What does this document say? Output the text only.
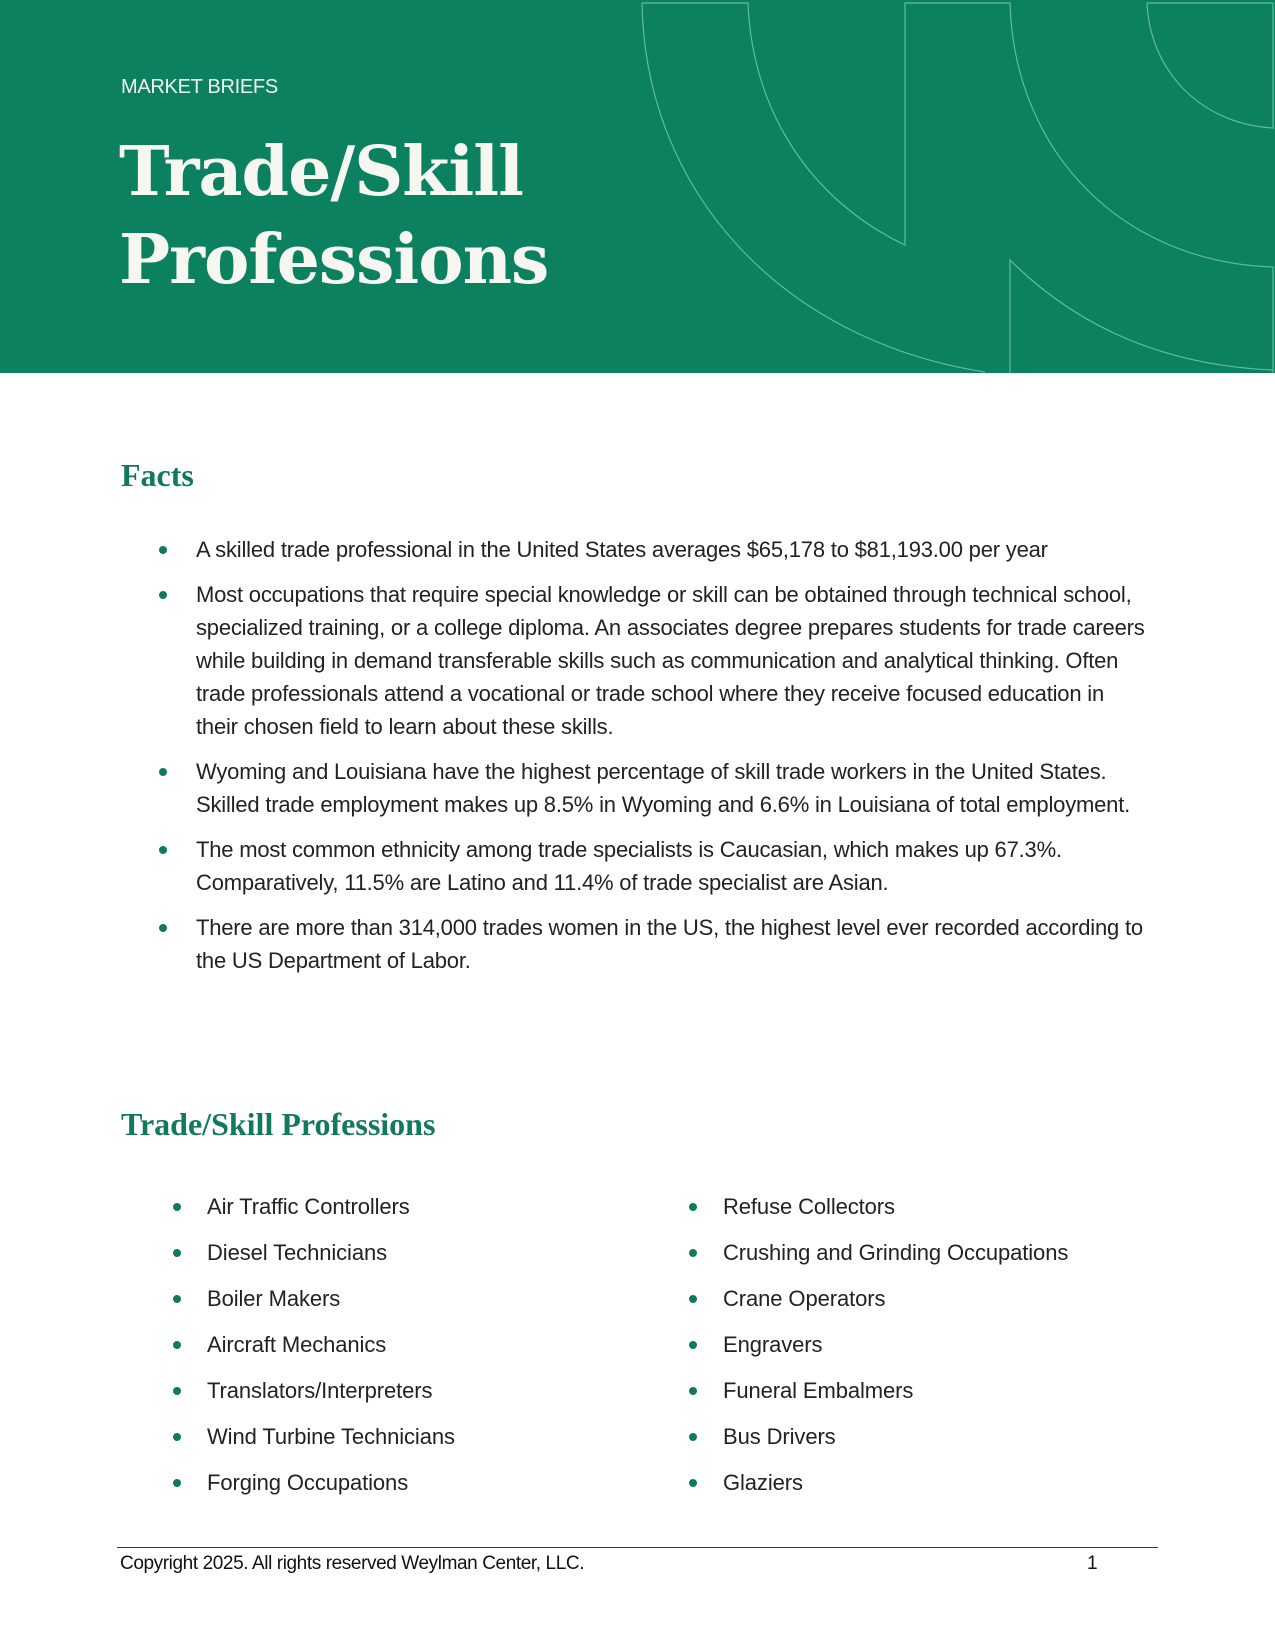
MARKET BRIEFS
Trade/Skill
Professions
Facts
A skilled trade professional in the United States averages $65,178 to $81,193.00 per year
Most occupations that require special knowledge or skill can be obtained through technical school, specialized training, or a college diploma. An associates degree prepares students for trade careers while building in demand transferable skills such as communication and analytical thinking. Often trade professionals attend a vocational or trade school where they receive focused education in their chosen field to learn about these skills.
Wyoming and Louisiana have the highest percentage of skill trade workers in the United States. Skilled trade employment makes up 8.5% in Wyoming and 6.6% in Louisiana of total employment.
The most common ethnicity among trade specialists is Caucasian, which makes up 67.3%. Comparatively, 11.5% are Latino and 11.4% of trade specialist are Asian.
There are more than 314,000 trades women in the US, the highest level ever recorded according to the US Department of Labor.
Trade/Skill Professions
Air Traffic Controllers
Diesel Technicians
Boiler Makers
Aircraft Mechanics
Translators/Interpreters
Wind Turbine Technicians
Forging Occupations
Refuse Collectors
Crushing and Grinding Occupations
Crane Operators
Engravers
Funeral Embalmers
Bus Drivers
Glaziers
Copyright 2025. All rights reserved Weylman Center, LLC.	1
